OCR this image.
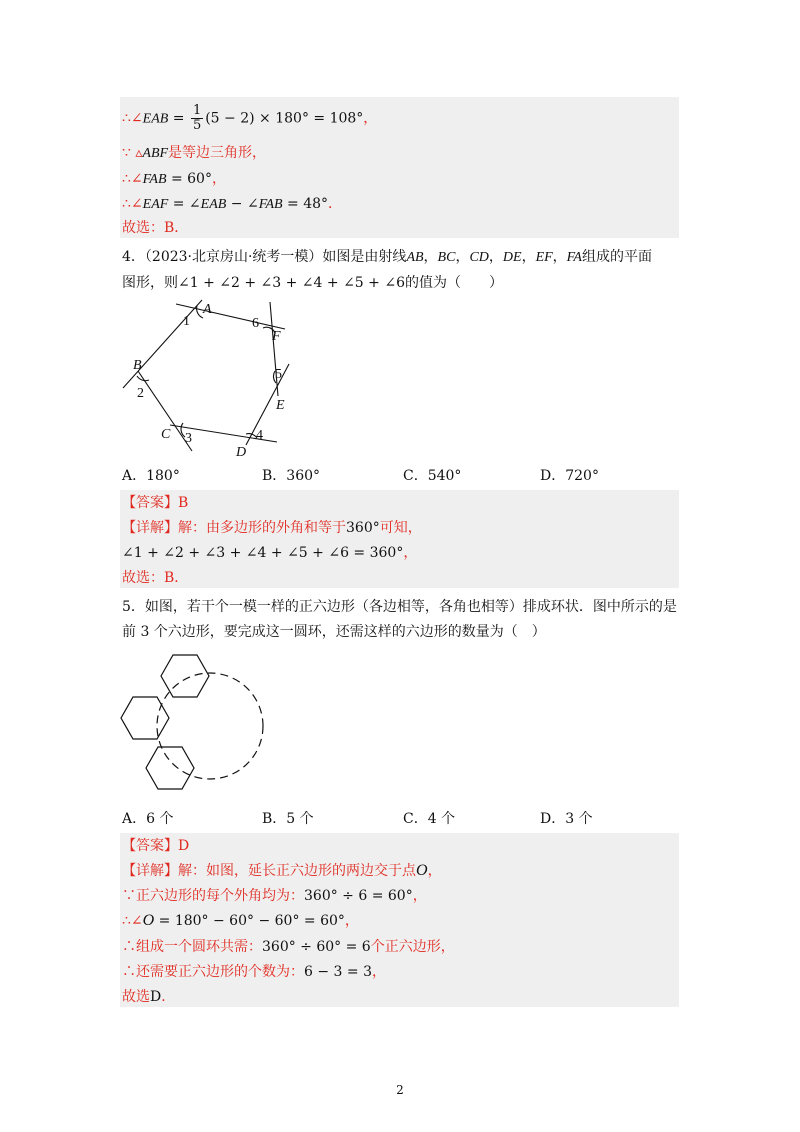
∴∠EAB = $\frac{1}{5} (5 - 2) \times 180^\circ = 108^\circ$，
∵ ▵ABF是等边三角形，
∴∠FAB = 60°，
∴∠EAF = ∠EAB − ∠FAB = 48°．
故选：B．
4．（2023·北京房山·统考一模）如图是由射线AB，BC，CD，DE，EF，FA组成的平面
图形，则∠1 + ∠2 + ∠3 + ∠4 + ∠5 + ∠6的值为（　　）
A
F
E
D
C
B
1	6
5
4
3
2
A．180°	B．360°	C．540°	D．720°
【答案】B
【详解】解：由多边形的外角和等于360°可知，
∠1 + ∠2 + ∠3 + ∠4 + ∠5 + ∠6 = 360°，
故选：B．
5．如图，若干个一模一样的正六边形（各边相等，各角也相等）排成环状．图中所示的是
前 3 个六边形，要完成这一圆环，还需这样的六边形的数量为（　）
A．6 个	B．5 个	C．4 个	D．3 个
【答案】D
【详解】解：如图，延长正六边形的两边交于点O，
∵正六边形的每个外角均为：360° ÷ 6 = 60°，
∴∠O = 180° − 60° − 60° = 60°，
∴组成一个圆环共需：360° ÷ 60° = 6个正六边形，
∴还需要正六边形的个数为：6 − 3 = 3，
故选D．
2
